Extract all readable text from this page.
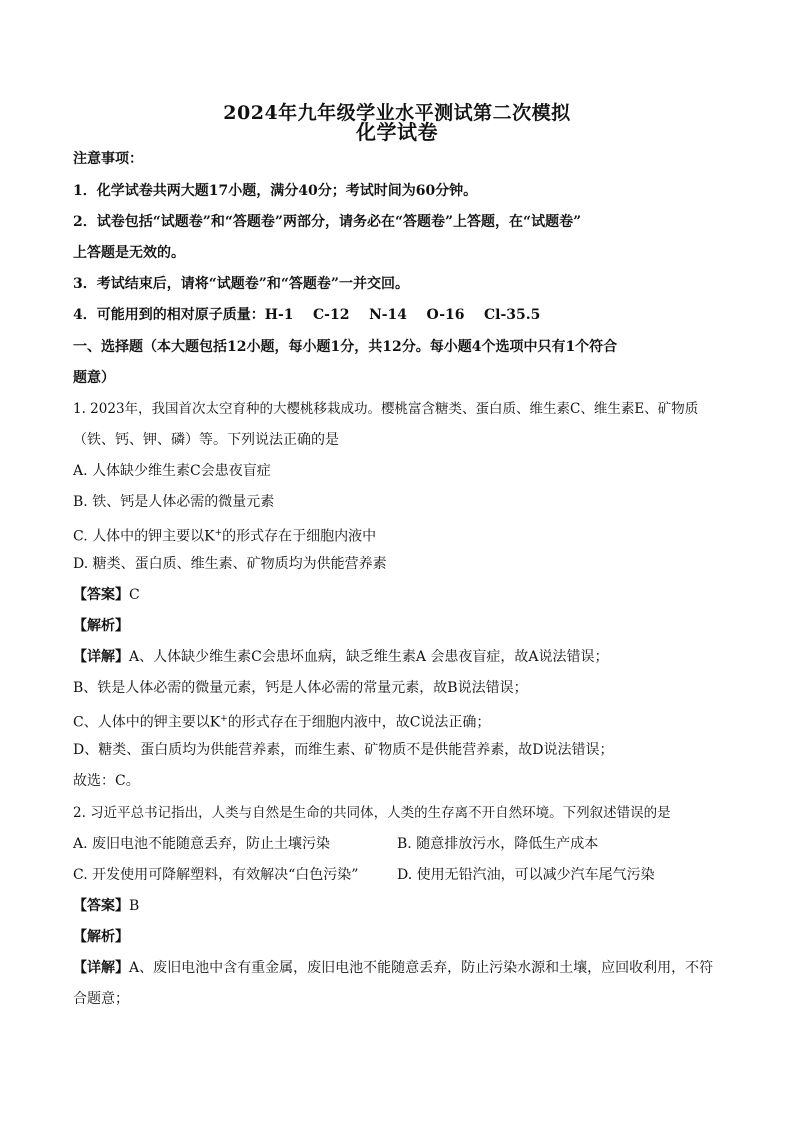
2024年九年级学业水平测试第二次模拟
化学试卷
注意事项：
1．化学试卷共两大题17小题，满分40分；考试时间为60分钟。
2．试卷包括“试题卷”和“答题卷”两部分，请务必在“答题卷”上答题，在“试题卷”
上答题是无效的。
3．考试结束后，请将“试题卷”和“答题卷”一并交回。
4．可能用到的相对原子质量：H-1    C-12    N-14    O-16    Cl-35.5
一、选择题（本大题包括12小题，每小题1分，共12分。每小题4个选项中只有1个符合
题意）
1. 2023年，我国首次太空育种的大樱桃移栽成功。樱桃富含糖类、蛋白质、维生素C、维生素E、矿物质
（铁、钙、钾、磷）等。下列说法正确的是
A. 人体缺少维生素C会患夜盲症
B. 铁、钙是人体必需的微量元素
C. 人体中的钾主要以K+的形式存在于细胞内液中
D. 糖类、蛋白质、维生素、矿物质均为供能营养素
【答案】C
【解析】
【详解】A、人体缺少维生素C会患坏血病，缺乏维生素A 会患夜盲症，故A说法错误；
B、铁是人体必需的微量元素，钙是人体必需的常量元素，故B说法错误；
C、人体中的钾主要以K+的形式存在于细胞内液中，故C说法正确；
D、糖类、蛋白质均为供能营养素，而维生素、矿物质不是供能营养素，故D说法错误；
故选：C。
2. 习近平总书记指出，人类与自然是生命的共同体，人类的生存离不开自然环境。下列叙述错误的是
A. 废旧电池不能随意丢弃，防止土壤污染	B. 随意排放污水，降低生产成本
C. 开发使用可降解塑料，有效解决“白色污染”	D. 使用无铅汽油，可以减少汽车尾气污染
【答案】B
【解析】
【详解】A、废旧电池中含有重金属，废旧电池不能随意丢弃，防止污染水源和土壤，应回收利用，不符
合题意；
